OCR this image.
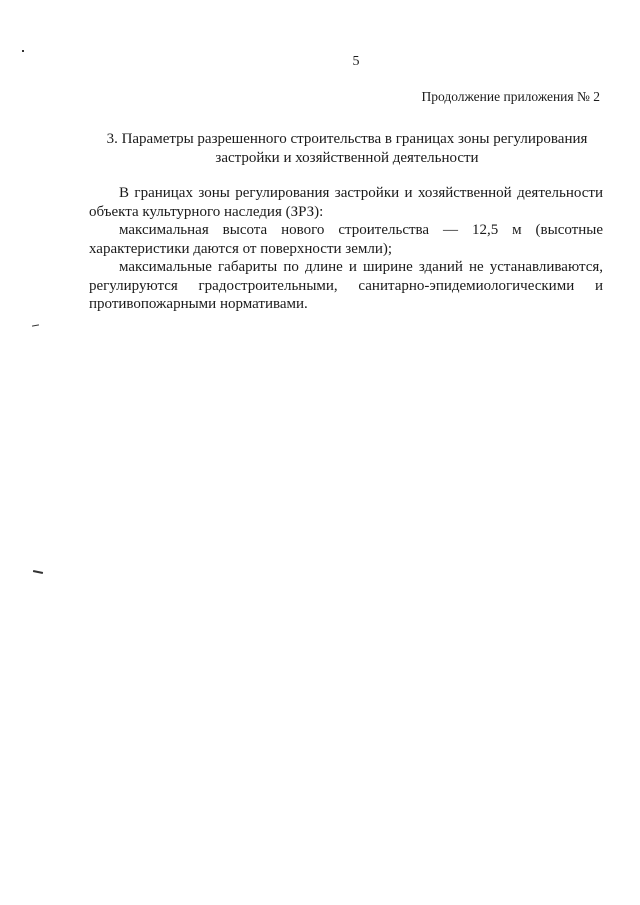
5
Продолжение приложения № 2
3. Параметры разрешенного строительства в границах зоны регулирования
застройки и хозяйственной деятельности

В границах зоны регулирования застройки и хозяйственной деятельности объекта культурного наследия (ЗРЗ):

максимальная высота нового строительства — 12,5 м (высотные характеристики даются от поверхности земли);

максимальные габариты по длине и ширине зданий не устанавливаются, регулируются градостроительными, санитарно-эпидемиологическими и противопожарными нормативами.
